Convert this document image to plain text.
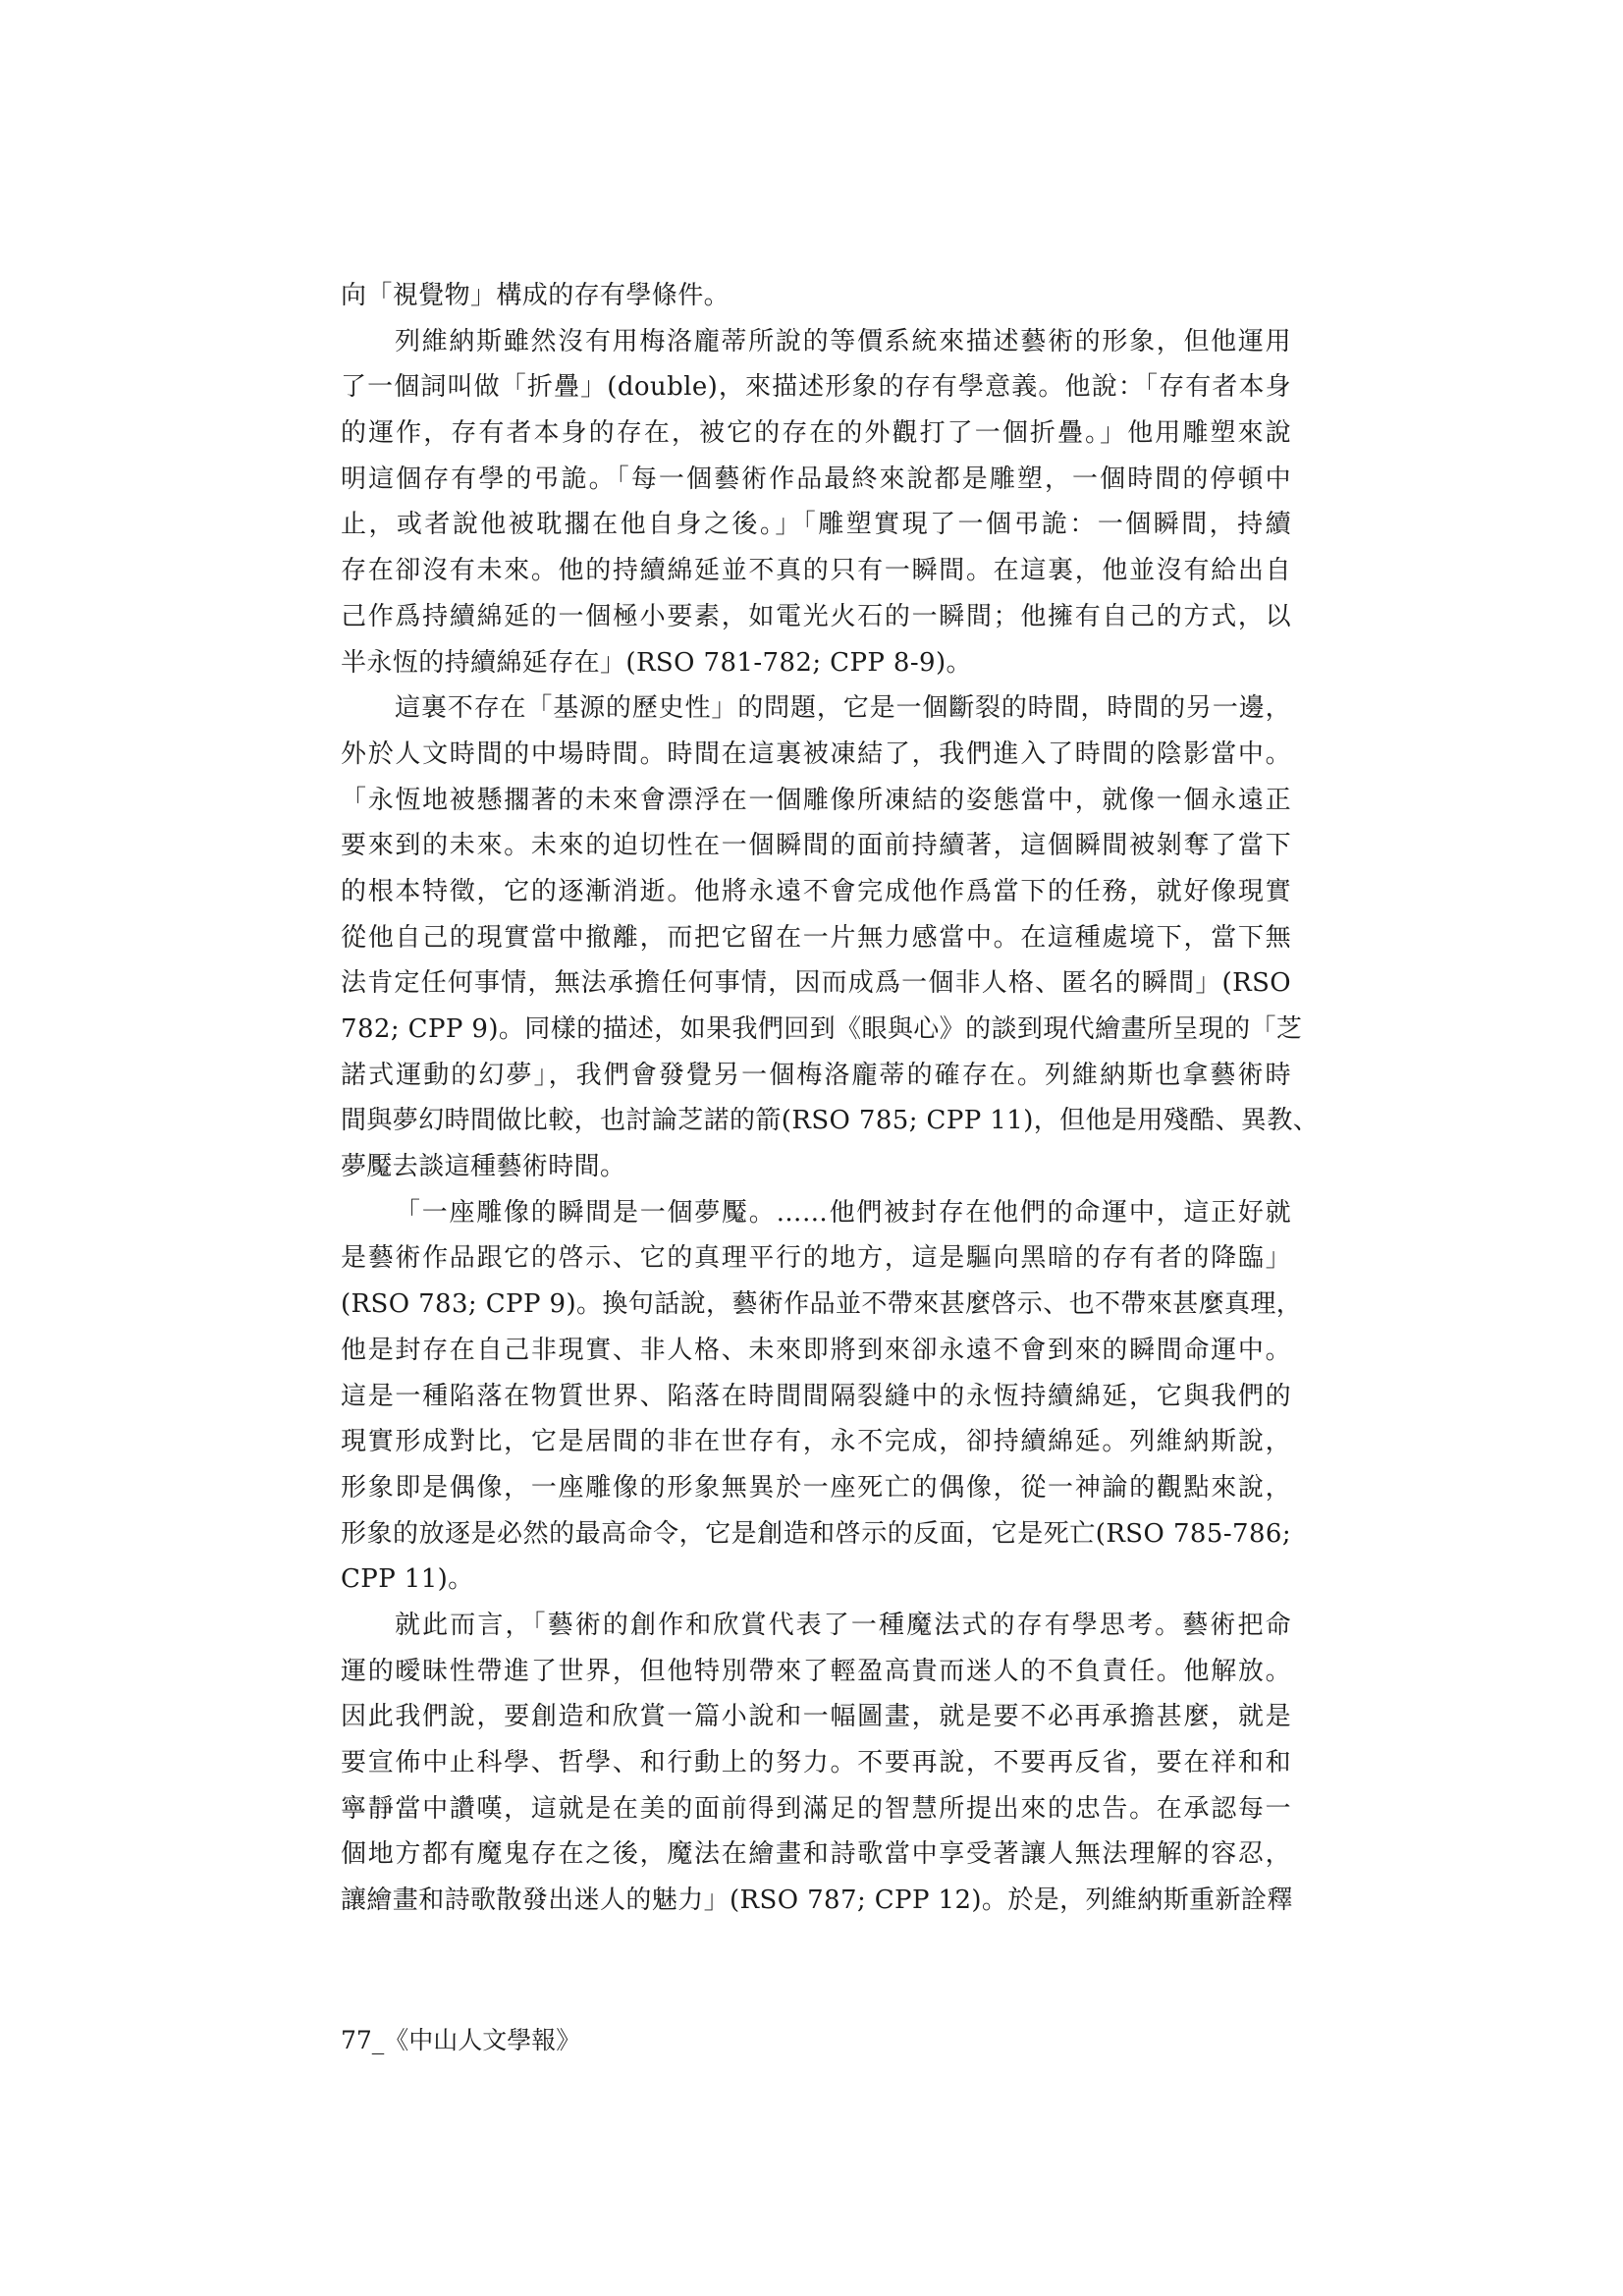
向「視覺物」構成的存有學條件。
列維納斯雖然沒有用梅洛龐蒂所說的等價系統來描述藝術的形象，但他運用
了一個詞叫做「折疊」(double)，來描述形象的存有學意義。他說：「存有者本身
的運作，存有者本身的存在，被它的存在的外觀打了一個折疊。」他用雕塑來說
明這個存有學的弔詭。「每一個藝術作品最終來說都是雕塑，一個時間的停頓中
止，或者說他被耽擱在他自身之後。」「雕塑實現了一個弔詭：一個瞬間，持續
存在卻沒有未來。他的持續綿延並不真的只有一瞬間。在這裏，他並沒有給出自
己作爲持續綿延的一個極小要素，如電光火石的一瞬間；他擁有自己的方式，以
半永恆的持續綿延存在」(RSO 781-782; CPP 8-9)。
這裏不存在「基源的歷史性」的問題，它是一個斷裂的時間，時間的另一邊，
外於人文時間的中場時間。時間在這裏被凍結了，我們進入了時間的陰影當中。
「永恆地被懸擱著的未來會漂浮在一個雕像所凍結的姿態當中，就像一個永遠正
要來到的未來。未來的迫切性在一個瞬間的面前持續著，這個瞬間被剝奪了當下
的根本特徵，它的逐漸消逝。他將永遠不會完成他作爲當下的任務，就好像現實
從他自己的現實當中撤離，而把它留在一片無力感當中。在這種處境下，當下無
法肯定任何事情，無法承擔任何事情，因而成爲一個非人格、匿名的瞬間」(RSO
782; CPP 9)。同樣的描述，如果我們回到《眼與心》的談到現代繪畫所呈現的「芝
諾式運動的幻夢」，我們會發覺另一個梅洛龐蒂的確存在。列維納斯也拿藝術時
間與夢幻時間做比較，也討論芝諾的箭(RSO 785; CPP 11)，但他是用殘酷、異教、
夢魘去談這種藝術時間。
「一座雕像的瞬間是一個夢魘。……他們被封存在他們的命運中，這正好就
是藝術作品跟它的啓示、它的真理平行的地方，這是驅向黑暗的存有者的降臨」
(RSO 783; CPP 9)。換句話說，藝術作品並不帶來甚麼啓示、也不帶來甚麼真理，
他是封存在自己非現實、非人格、未來即將到來卻永遠不會到來的瞬間命運中。
這是一種陷落在物質世界、陷落在時間間隔裂縫中的永恆持續綿延，它與我們的
現實形成對比，它是居間的非在世存有，永不完成，卻持續綿延。列維納斯說，
形象即是偶像，一座雕像的形象無異於一座死亡的偶像，從一神論的觀點來說，
形象的放逐是必然的最高命令，它是創造和啓示的反面，它是死亡(RSO 785-786;
CPP 11)。
就此而言，「藝術的創作和欣賞代表了一種魔法式的存有學思考。藝術把命
運的曖昧性帶進了世界，但他特別帶來了輕盈高貴而迷人的不負責任。他解放。
因此我們說，要創造和欣賞一篇小說和一幅圖畫，就是要不必再承擔甚麼，就是
要宣佈中止科學、哲學、和行動上的努力。不要再說，不要再反省，要在祥和和
寧靜當中讚嘆，這就是在美的面前得到滿足的智慧所提出來的忠告。在承認每一
個地方都有魔鬼存在之後，魔法在繪畫和詩歌當中享受著讓人無法理解的容忍，
讓繪畫和詩歌散發出迷人的魅力」(RSO 787; CPP 12)。於是，列維納斯重新詮釋
77_《中山人文學報》
